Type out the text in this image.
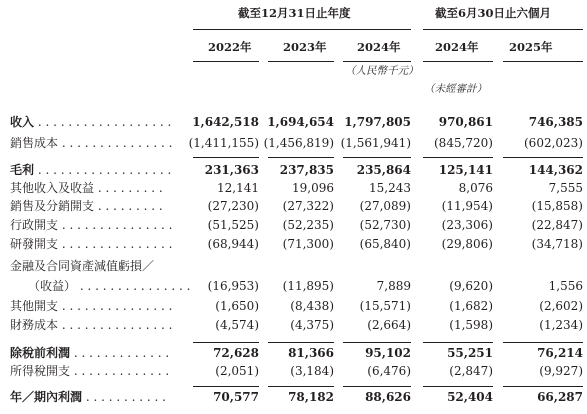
截至12月31日止年度	截至6月30日止六個月
2022年	2023年	2024年	2024年	2025年
（人民幣千元）
（未經審計）
收入 . . . . . . . . . . . . . . . . . . 1,642,518 1,694,654 1,797,805 970,861	746,385
銷售成本 . . . . . . . . . . . . . . . (1,411,155) (1,456,819) (1,561,941) (845,720)	(602,023)
毛利 . . . . . . . . . . . . . . . . . .	231,363 237,835 235,864 125,141	144,362
其他收入及收益 . . . . . . . . .	12,141	19,096	15,243	8,076	7,555
銷售及分銷開支 . . . . . . . . .	(27,230) (27,322) (27,089)	(11,954)	(15,858)
行政開支 . . . . . . . . . . . . . . .	(51,525) (52,235) (52,730)	(23,306)	(22,847)
研發開支 . . . . . . . . . . . . . . .	(68,944) (71,300) (65,840)	(29,806)	(34,718)
金融及合同資產減值虧損／
（收益） . . . . . . . . . . . . . . . (16,953) (11,895)	7,889	(9,620)	1,556
其他開支 . . . . . . . . . . . . . . .	(1,650)	(8,438) (15,571)	(1,682)	(2,602)
財務成本 . . . . . . . . . . . . . . .	(4,574)	(4,375)	(2,664)	(1,598)	(1,234)
除稅前利潤 . . . . . . . . . . . . .	72,628 81,366	95,102	55,251	76,214
所得稅開支 . . . . . . . . . . . . .	(2,051)	(3,184)	(6,476)	(2,847)	(9,927)
年／期內利潤 . . . . . . . . . . .	70,577 78,182	88,626	52,404	66,287
